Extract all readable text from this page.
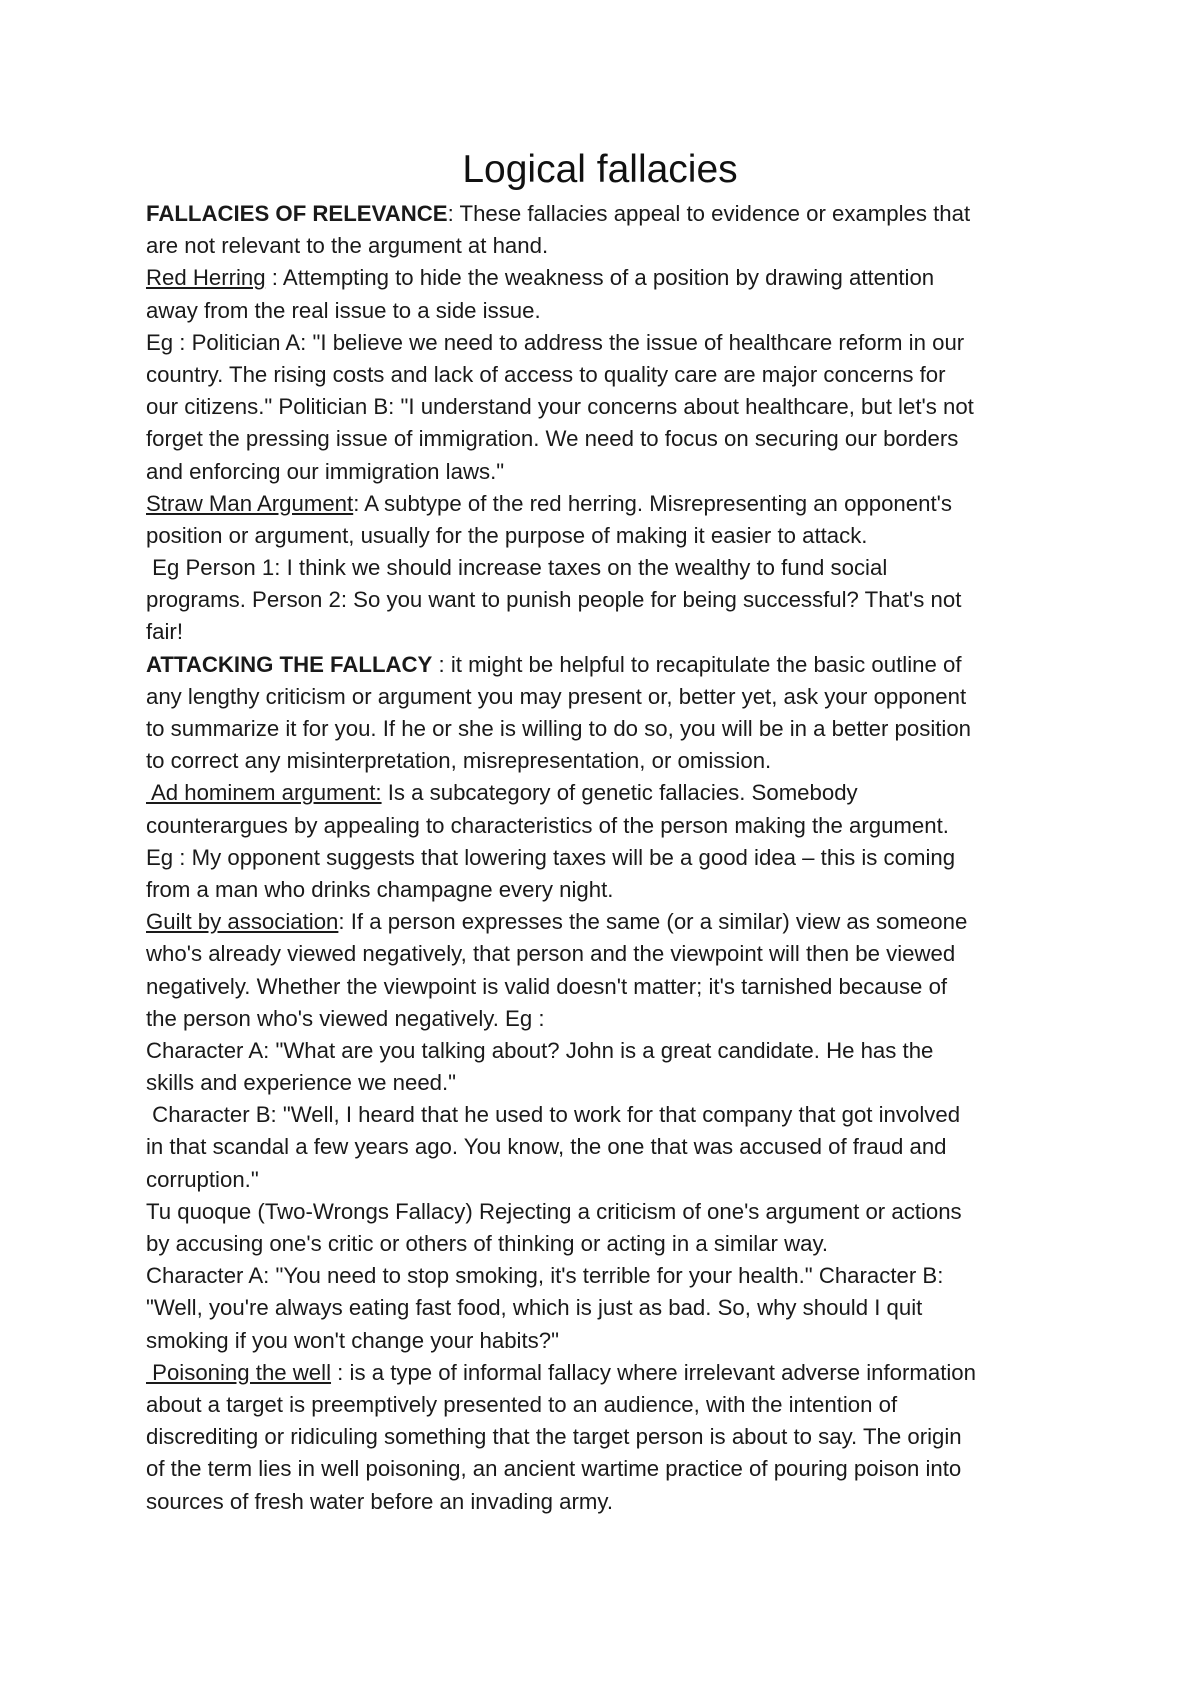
Logical fallacies
FALLACIES OF RELEVANCE: These fallacies appeal to evidence or examples that
are not relevant to the argument at hand.
Red Herring : Attempting to hide the weakness of a position by drawing attention
away from the real issue to a side issue.
Eg : Politician A: "I believe we need to address the issue of healthcare reform in our
country. The rising costs and lack of access to quality care are major concerns for
our citizens." Politician B: "I understand your concerns about healthcare, but let's not
forget the pressing issue of immigration. We need to focus on securing our borders
and enforcing our immigration laws."
Straw Man Argument: A subtype of the red herring. Misrepresenting an opponent's
position or argument, usually for the purpose of making it easier to attack.
Eg Person 1: I think we should increase taxes on the wealthy to fund social
programs. Person 2: So you want to punish people for being successful? That's not
fair!
ATTACKING THE FALLACY : it might be helpful to recapitulate the basic outline of
any lengthy criticism or argument you may present or, better yet, ask your opponent
to summarize it for you. If he or she is willing to do so, you will be in a better position
to correct any misinterpretation, misrepresentation, or omission.
Ad hominem argument: Is a subcategory of genetic fallacies. Somebody
counterargues by appealing to characteristics of the person making the argument.
Eg : My opponent suggests that lowering taxes will be a good idea – this is coming
from a man who drinks champagne every night.
Guilt by association: If a person expresses the same (or a similar) view as someone
who's already viewed negatively, that person and the viewpoint will then be viewed
negatively. Whether the viewpoint is valid doesn't matter; it's tarnished because of
the person who's viewed negatively. Eg :
Character A: "What are you talking about? John is a great candidate. He has the
skills and experience we need."
Character B: "Well, I heard that he used to work for that company that got involved
in that scandal a few years ago. You know, the one that was accused of fraud and
corruption."
Tu quoque (Two-Wrongs Fallacy) Rejecting a criticism of one's argument or actions
by accusing one's critic or others of thinking or acting in a similar way.
Character A: "You need to stop smoking, it's terrible for your health." Character B:
"Well, you're always eating fast food, which is just as bad. So, why should I quit
smoking if you won't change your habits?"
Poisoning the well : is a type of informal fallacy where irrelevant adverse information
about a target is preemptively presented to an audience, with the intention of
discrediting or ridiculing something that the target person is about to say. The origin
of the term lies in well poisoning, an ancient wartime practice of pouring poison into
sources of fresh water before an invading army.
